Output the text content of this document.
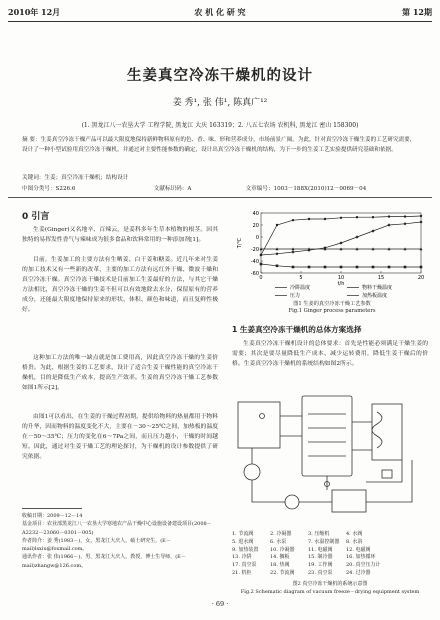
2010年 12月	农 机 化 研 究	第 12期
生姜真空冷冻干燥机的设计
姜 秀¹, 张 伟¹, 陈真广¹²
(1. 黑龙江八一农垦大学 工程学院, 黑龙江 大庆 163319；2. 八五七农场 农机科, 黑龙江 密山 158300)
摘 要：生姜真空冷冻干燥产品可以最大限度地保持新鲜物料原有的色、香、味、形和营养成分，市场前景广阔。为此，针对真空冷冻干燥生姜的工艺研究需要，设计了一种小型试验用真空冷冻干燥机，并通过对主要性能参数的确定，设计出真空冷冻干燥机的结构，为下一步的生姜工艺实验提供研究基础和依据。
关键词：生姜；真空冷冻干燥机；结构设计
中图分类号：S226.6	文献标识码：A	文章编号：1003－188X(2010)12－0069－04
0 引言
生姜(Ginger)又名地辛、百辣云，是姜科多年生草本植物的根茎。因其独特的易挥发性香气与辣味成为很多食品和饮料常用的一种添加剂[1]。
目前，生姜加工的主要方法有生晒姜、白干姜和糖姜。近几年来对生姜的加工技术又有一些新的改革，主要的加工方法有远红外干燥、微波干燥和真空冷冻干燥。真空冷冻干燥技术是目前加工生姜最好的方法，与其它干燥方法相比，真空冷冻干燥的生姜不但可以有效地除去水分，保留原有的营养成分，还能最大限度地保持原来的形状、体积、颜色和味道，而且复鲜性极好。
这种加工方法的唯一缺点就是加工费用高，因此真空冷冻干燥的生姜价格贵。为此，根据生姜的工艺要求，设计了适合生姜干燥性能的真空冷冻干燥机，目的是降低生产成本，提高生产效率。生姜的真空冷冻干燥工艺参数如图1所示[2]。
由图1可以看出，在生姜的干燥过程初期，提供给物料的热量都用于物料的升华，因而物料的温度变化不大，主要在－30～25℃之间，加热板的温度在－50～35℃；压力的变化在6～7Pa之间，而且压力越小，干燥的时间越短。因此，通过对生姜干燥工艺的理论探讨，为干燥机的设计参数提供了研究依据。
收稿日期：2009－12－14
基金项目：农业部黑龙江八一农垦大学寒地农产品干燥中心设施设备建设项目(2008－A2232－23060－0301－005)
作者简介：姜 秀(1983－)，女，黑龙江大庆人，硕士研究生，(E－mail)lsxiu@foxmail.com。
通讯作者：张 伟(1966－)，男，黑龙江大庆人，教授，博士生导师，(E－mail)zhangw@126.com。
40
20
0
-20
-40
-60
0	5	10	15	20
t/h
T/℃
冷阱温度	物料干燥温度
压力	加热板温度
图1 生姜的真空冷冻干燥工艺参数
Fig.1 Ginger process parameters
1 生姜真空冷冻干燥机的总体方案选择
生姜真空冷冻干燥机设计的总体要求：首先是性能必须满足干燥生姜的需要；其次是要尽量降低生产成本、减少运转费用，降低生姜干燥后的价格。生姜真空冷冻干燥机的系统结构如图2所示。
1. 节流阀	2. 冷凝器	3. 压缩机	4. 水阀
5. 进水阀	6. 水泵	7. 水温控制器 8. 水浴
9. 加热装置 10. 冷凝器	11. 电磁阀	12. 电磁阀
13. 冷阱	14. 搁板	15. 制冷器	16. 加热循环
17. 真空泵	18. 热阀	19. 工作阀	20. 真空压力计
21. 机柜	22. 节流阀	23. 真空泵	24. 过冷器
图2 真空冷冻干燥机的系统示意图
Fig.2 Schematic diagram of vacuum freeze－drying equipment system
· 69 ·
